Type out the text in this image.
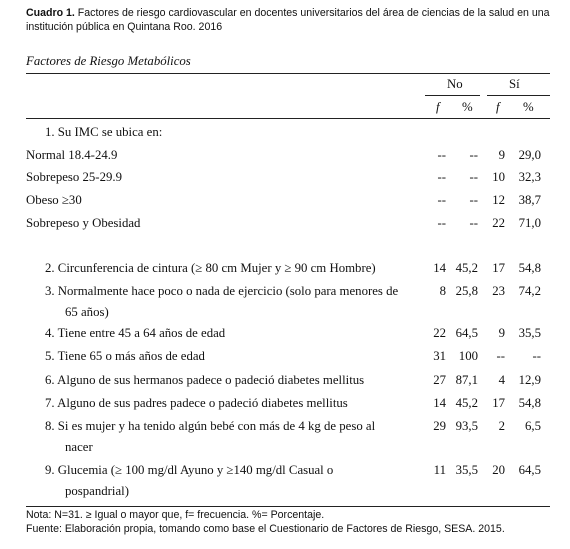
Cuadro 1. Factores de riesgo cardiovascular en docentes universitarios del área de ciencias de la salud en una institución pública en Quintana Roo. 2016
Factores de Riesgo Metabólicos
No	Sí
f % f %
1. Su IMC se ubica en:
Normal 18.4-24.9	--	--	9	29,0
Sobrepeso 25-29.9	--	--	10	32,3
Obeso ≥30	--	--	12	38,7
Sobrepeso y Obesidad	--	--	22	71,0
2. Circunferencia de cintura (≥ 80 cm Mujer y ≥ 90 cm Hombre)	14 45,2	17	54,8
3. Normalmente hace poco o nada de ejercicio (solo para menores de
65 años)
8 25,8	23	74,2
4. Tiene entre 45 a 64 años de edad	22 64,5	9	35,5
5. Tiene 65 o más años de edad	31 100	--	--
6. Alguno de sus hermanos padece o padeció diabetes mellitus	27 87,1	4	12,9
7. Alguno de sus padres padece o padeció diabetes mellitus	14 45,2	17	54,8
8. Si es mujer y ha tenido algún bebé con más de 4 kg de peso al
nacer
29 93,5	2	6,5
9. Glucemia (≥ 100 mg/dl Ayuno y ≥140 mg/dl Casual o
pospandrial)
11 35,5	20	64,5
Nota: N=31. ≥ Igual o mayor que, f= frecuencia. %= Porcentaje.
Fuente: Elaboración propia, tomando como base el Cuestionario de Factores de Riesgo, SESA. 2015.
